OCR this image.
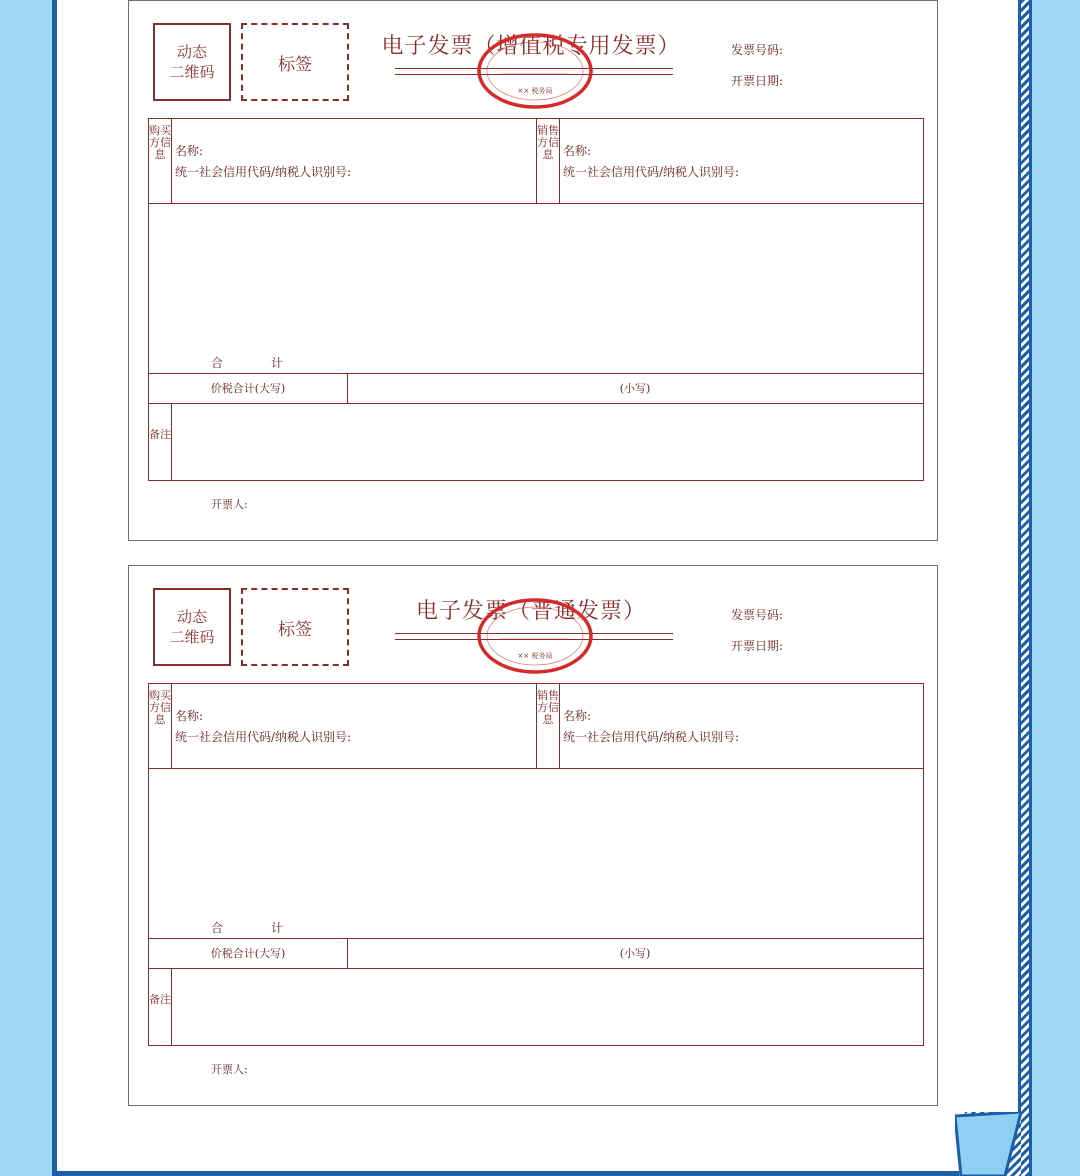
动态
二维码	标签
电子发票（增值税专用发票）
×× 税务局
发票号码:
开票日期:
购买方信息 名称:
统一社会信用代码/纳税人识别号:
销售方信息 名称:
统一社会信用代码/纳税人识别号:
合	计
价税合计(大写)	(小写)
备注
开票人:
动态
二维码	标签
电子发票（普通发票）
×× 税务局
发票号码:
开票日期:
购买方信息 名称:
统一社会信用代码/纳税人识别号:
销售方信息 名称:
统一社会信用代码/纳税人识别号:
合	计
价税合计(大写)	(小写)
备注
开票人:
